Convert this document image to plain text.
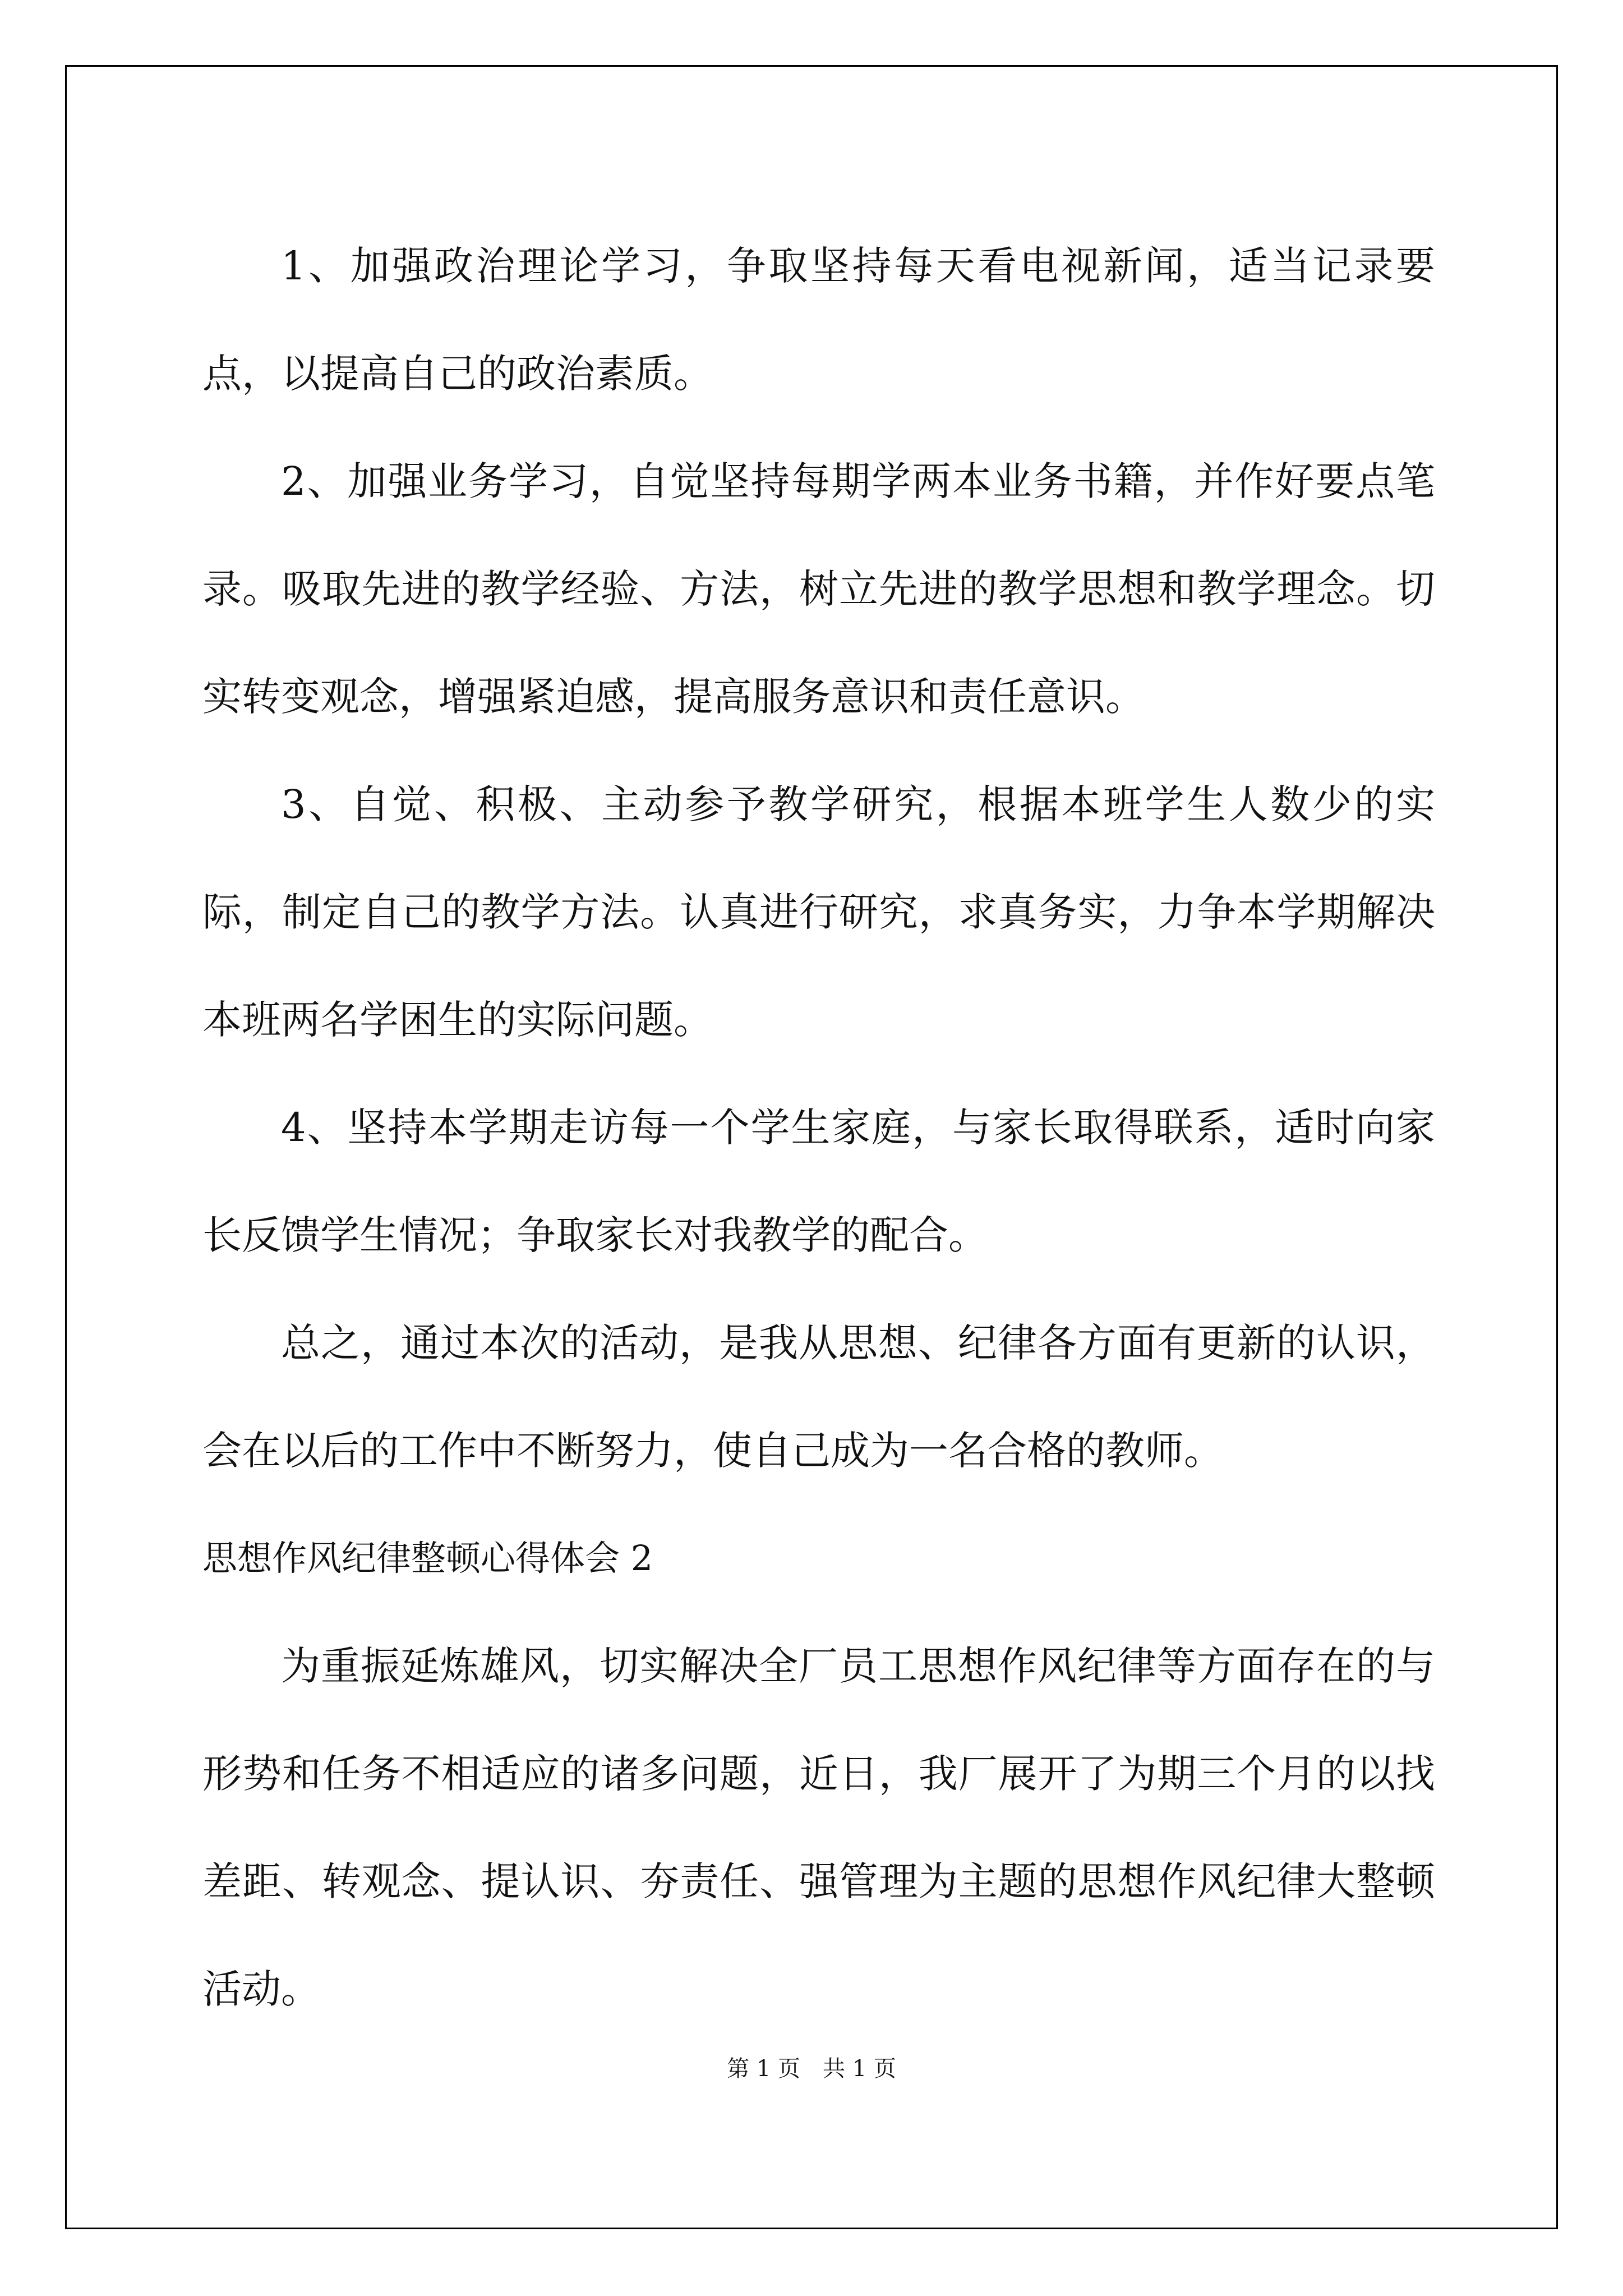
1、加强政治理论学习，争取坚持每天看电视新闻，适当记录要点，以提高自己的政治素质。

2、加强业务学习，自觉坚持每期学两本业务书籍，并作好要点笔录。吸取先进的教学经验、方法，树立先进的教学思想和教学理念。切实转变观念，增强紧迫感，提高服务意识和责任意识。

3、自觉、积极、主动参予教学研究，根据本班学生人数少的实际，制定自己的教学方法。认真进行研究，求真务实，力争本学期解决本班两名学困生的实际问题。

4、坚持本学期走访每一个学生家庭，与家长取得联系，适时向家长反馈学生情况；争取家长对我教学的配合。

总之，通过本次的活动，是我从思想、纪律各方面有更新的认识，会在以后的工作中不断努力，使自己成为一名合格的教师。

思想作风纪律整顿心得体会 2

为重振延炼雄风，切实解决全厂员工思想作风纪律等方面存在的与形势和任务不相适应的诸多问题，近日，我厂展开了为期三个月的以找差距、转观念、提认识、夯责任、强管理为主题的思想作风纪律大整顿活动。

第 1 页　共 1 页
